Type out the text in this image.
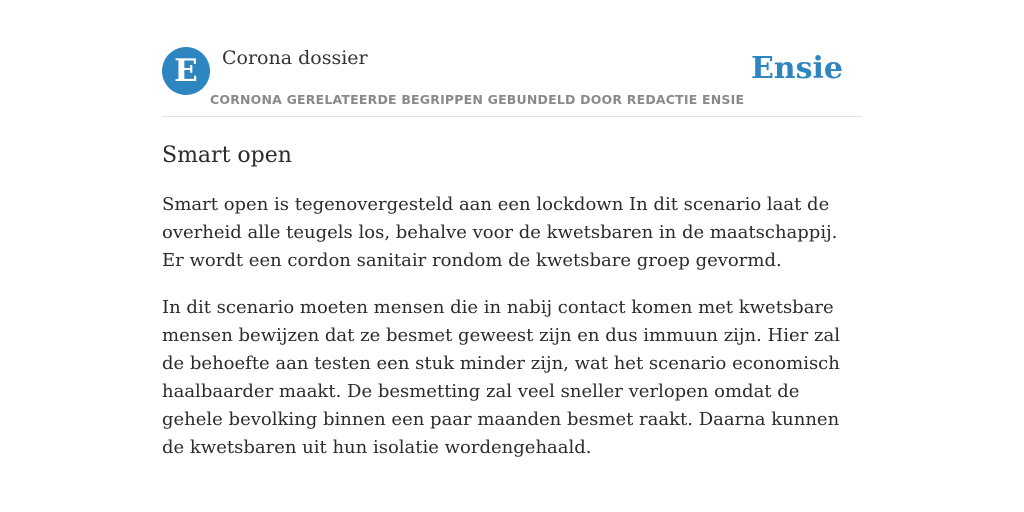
E	Corona dossier
CORNONA GERELATEERDE BEGRIPPEN GEBUNDELD DOOR REDACTIE ENSIE
Ensie
Smart open

Smart open is tegenovergesteld aan een lockdown In dit scenario laat de overheid alle teugels los, behalve voor de kwetsbaren in de maatschappij. Er wordt een cordon sanitair rondom de kwetsbare groep gevormd.

In dit scenario moeten mensen die in nabij contact komen met kwetsbare mensen bewijzen dat ze besmet geweest zijn en dus immuun zijn. Hier zal de behoefte aan testen een stuk minder zijn, wat het scenario economisch haalbaarder maakt. De besmetting zal veel sneller verlopen omdat de gehele bevolking binnen een paar maanden besmet raakt. Daarna kunnen de kwetsbaren uit hun isolatie wordengehaald.
